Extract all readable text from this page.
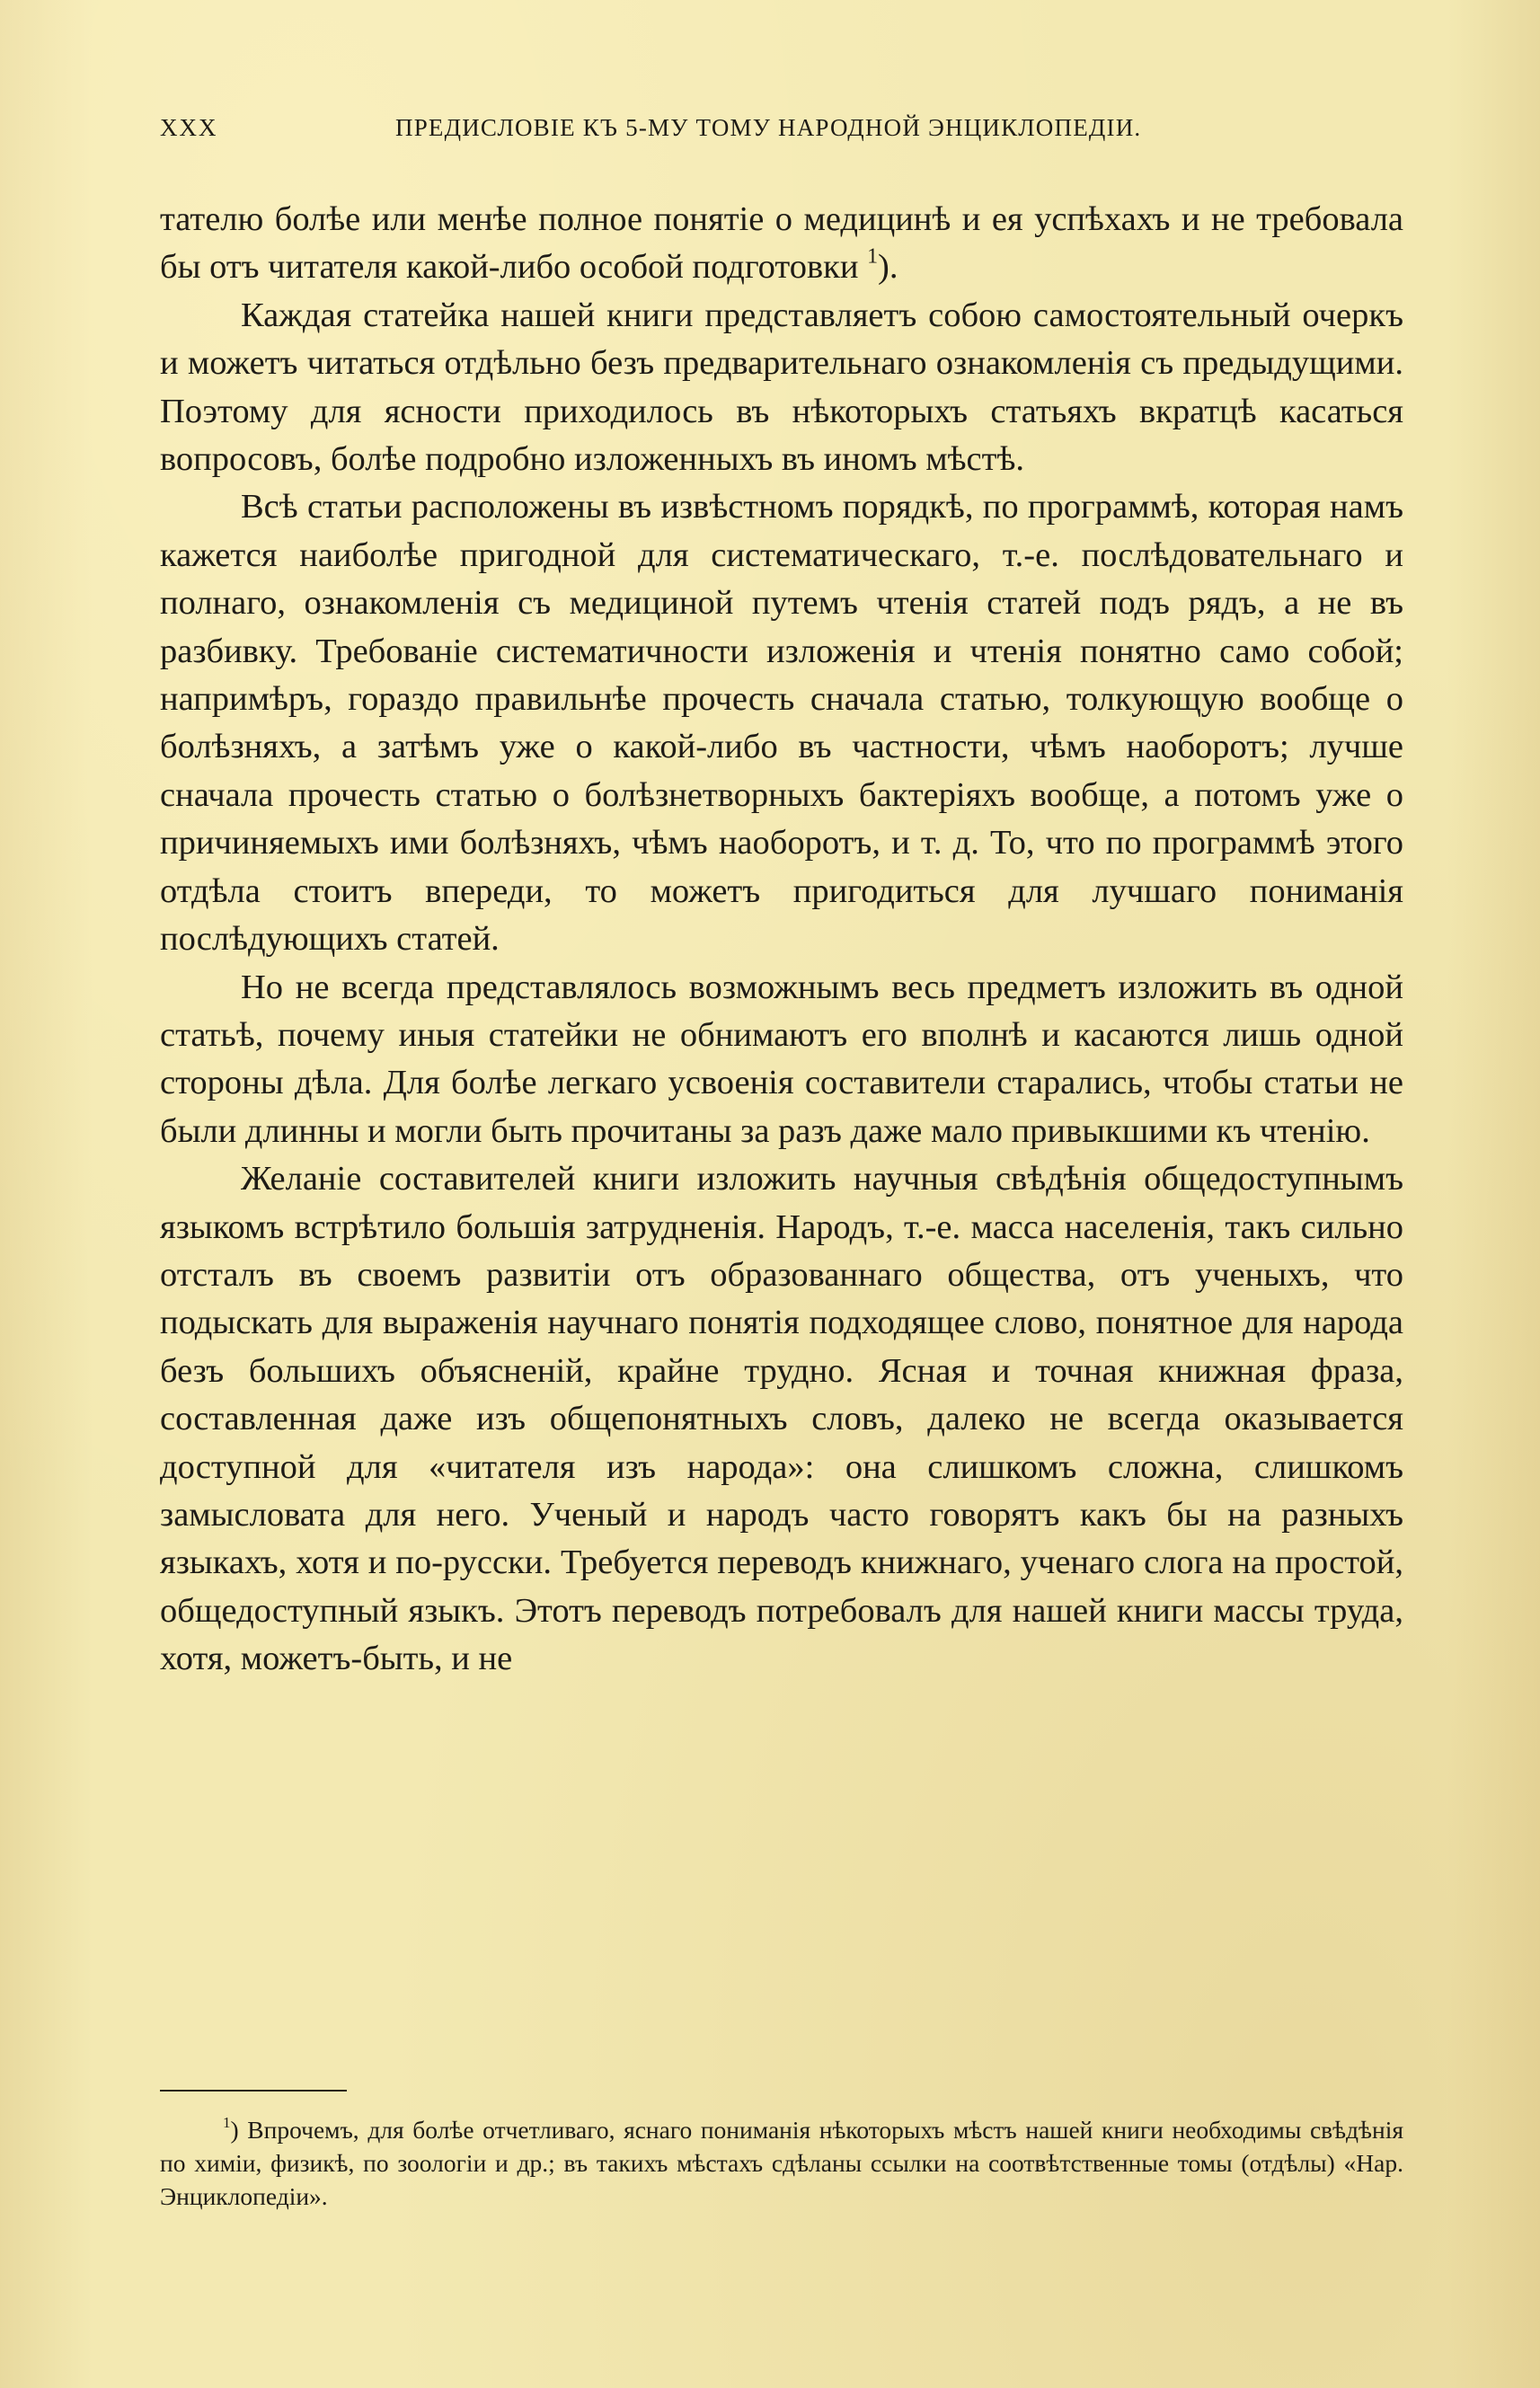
XXX	ПРЕДИСЛОВІЕ КЪ 5-МУ ТОМУ НАРОДНОЙ ЭНЦИКЛОПЕДІИ.

тателю болѣе или менѣе полное понятіе о медицинѣ и ея успѣхахъ и не требовала бы отъ читателя какой-либо особой подготовки $^1$).

Каждая статейка нашей книги представляетъ собою самостоятельный очеркъ и можетъ читаться отдѣльно безъ предварительнаго ознакомленія съ предыдущими. Поэтому для ясности приходилось въ нѣкоторыхъ статьяхъ вкратцѣ касаться вопросовъ, болѣе подробно изложенныхъ въ иномъ мѣстѣ.

Всѣ статьи расположены въ извѣстномъ порядкѣ, по программѣ, которая намъ кажется наиболѣе пригодной для систематическаго, т.-е. послѣдовательнаго и полнаго, ознакомленія съ медициной путемъ чтенія статей подъ рядъ, а не въ разбивку. Требованіе систематичности изложенія и чтенія понятно само собой; напримѣръ, гораздо правильнѣе прочесть сначала статью, толкующую вообще о болѣзняхъ, а затѣмъ уже о какой-либо въ частности, чѣмъ наоборотъ; лучше сначала прочесть статью о болѣзнетворныхъ бактеріяхъ вообще, а потомъ уже о причиняемыхъ ими болѣзняхъ, чѣмъ наоборотъ, и т. д. То, что по программѣ этого отдѣла стоитъ впереди, то можетъ пригодиться для лучшаго пониманія послѣдующихъ статей.

Но не всегда представлялось возможнымъ весь предметъ изложить въ одной статьѣ, почему иныя статейки не обнимаютъ его вполнѣ и касаются лишь одной стороны дѣла. Для болѣе легкаго усвоенія составители старались, чтобы статьи не были длинны и могли быть прочитаны за разъ даже мало привыкшими къ чтенію.

Желаніе составителей книги изложить научныя свѣдѣнія общедоступнымъ языкомъ встрѣтило большія затрудненія. Народъ, т.-е. масса населенія, такъ сильно отсталъ въ своемъ развитіи отъ образованнаго общества, отъ ученыхъ, что подыскать для выраженія научнаго понятія подходящее слово, понятное для народа безъ большихъ объясненій, крайне трудно. Ясная и точная книжная фраза, составленная даже изъ общепонятныхъ словъ, далеко не всегда оказывается доступной для «читателя изъ народа»: она слишкомъ сложна, слишкомъ замысловата для него. Ученый и народъ часто говорятъ какъ бы на разныхъ языкахъ, хотя и по-русски. Требуется переводъ книжнаго, ученаго слога на простой, общедоступный языкъ. Этотъ переводъ потребовалъ для нашей книги массы труда, хотя, можетъ-быть, и не

$^1$) Впрочемъ, для болѣе отчетливаго, яснаго пониманія нѣкоторыхъ мѣстъ нашей книги необходимы свѣдѣнія по химіи, физикѣ, по зоологіи и др.; въ такихъ мѣстахъ сдѣланы ссылки на соотвѣтственные томы (отдѣлы) «Нар. Энциклопедіи».
